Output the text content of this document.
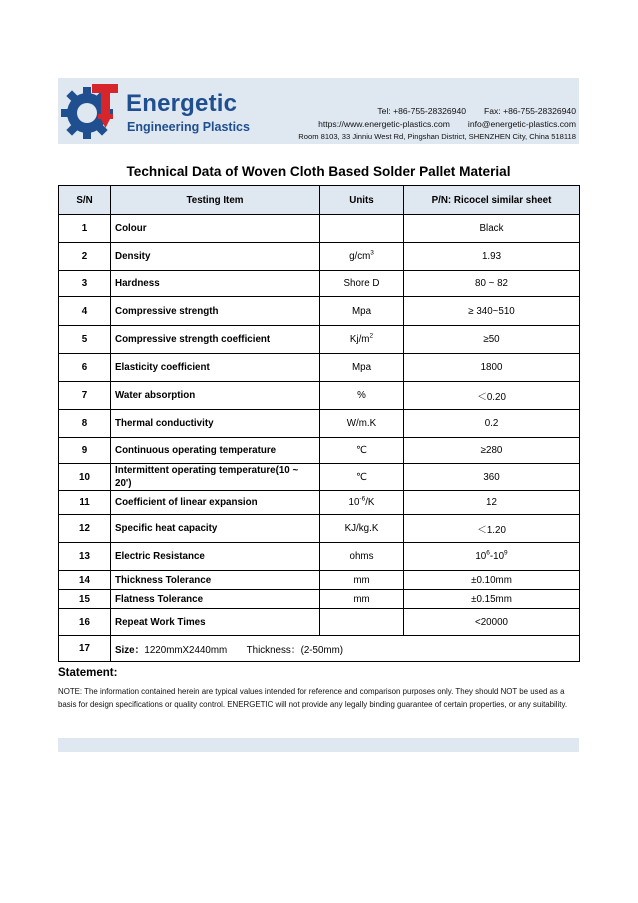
Energetic
Engineering Plastics
Tel: +86-755-28326940 Fax: +86-755-28326940
https://www.energetic-plastics.com info@energetic-plastics.com
Room 8103, 33 Jinniu West Rd, Pingshan District, SHENZHEN City, China 518118
Technical Data of Woven Cloth Based Solder Pallet Material
S/N	Testing Item	Units	P/N: Ricocel similar sheet
1	Colour		Black
2	Density	$g/cm^3$	1.93
3	Hardness	Shore D	80 ~ 82
4	Compressive strength	Mpa	≥ 340~510
5	Compressive strength coefficient	$Kj/m^2$	≥50
6	Elasticity coefficient	Mpa	1800
7	Water absorption	%	＜0.20
8	Thermal conductivity	W/m.K	0.2
9	Continuous operating temperature	℃	≥280
10	Intermittent operating temperature(10 ~ 20')	℃	360
11	Coefficient of linear expansion	$10^{-6}/K$	12
12	Specific heat capacity	KJ/kg.K	＜1.20
13	Electric Resistance	ohms	$10^6-10^9$
14	Thickness Tolerance	mm	±0.10mm
15	Flatness Tolerance	mm	±0.15mm
16	Repeat Work Times		<20000
17	Size：1220mmX2440mm Thickness：(2-50mm)		
Statement:
NOTE: The information contained herein are typical values intended for reference and comparison purposes only. They should NOT be used as a basis for design specifications or quality control. ENERGETIC will not provide any legally binding guarantee of certain properties, or any suitability.
